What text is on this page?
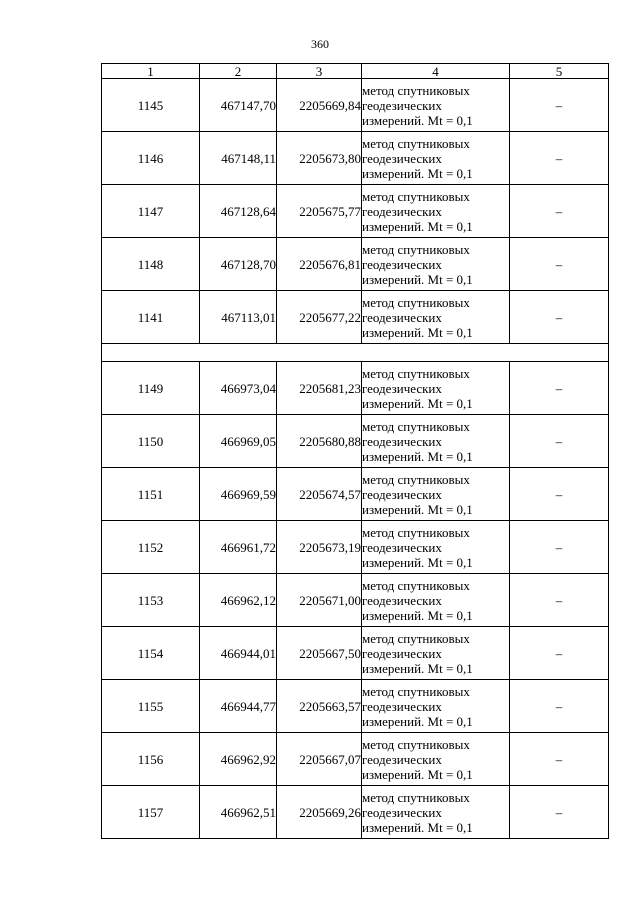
360
1	2	3	4	5
1145	467147,70	2205669,84	метод спутниковых
геодезических
измерений. Mt = 0,1	–
1146	467148,11	2205673,80	метод спутниковых
геодезических
измерений. Mt = 0,1	–
1147	467128,64	2205675,77	метод спутниковых
геодезических
измерений. Mt = 0,1	–
1148	467128,70	2205676,81	метод спутниковых
геодезических
измерений. Mt = 0,1	–
1141	467113,01	2205677,22	метод спутниковых
геодезических
измерений. Mt = 0,1	–

1149	466973,04	2205681,23	метод спутниковых
геодезических
измерений. Mt = 0,1	–
1150	466969,05	2205680,88	метод спутниковых
геодезических
измерений. Mt = 0,1	–
1151	466969,59	2205674,57	метод спутниковых
геодезических
измерений. Mt = 0,1	–
1152	466961,72	2205673,19	метод спутниковых
геодезических
измерений. Mt = 0,1	–
1153	466962,12	2205671,00	метод спутниковых
геодезических
измерений. Mt = 0,1	–
1154	466944,01	2205667,50	метод спутниковых
геодезических
измерений. Mt = 0,1	–
1155	466944,77	2205663,57	метод спутниковых
геодезических
измерений. Mt = 0,1	–
1156	466962,92	2205667,07	метод спутниковых
геодезических
измерений. Mt = 0,1	–
1157	466962,51	2205669,26	метод спутниковых
геодезических
измерений. Mt = 0,1	–
